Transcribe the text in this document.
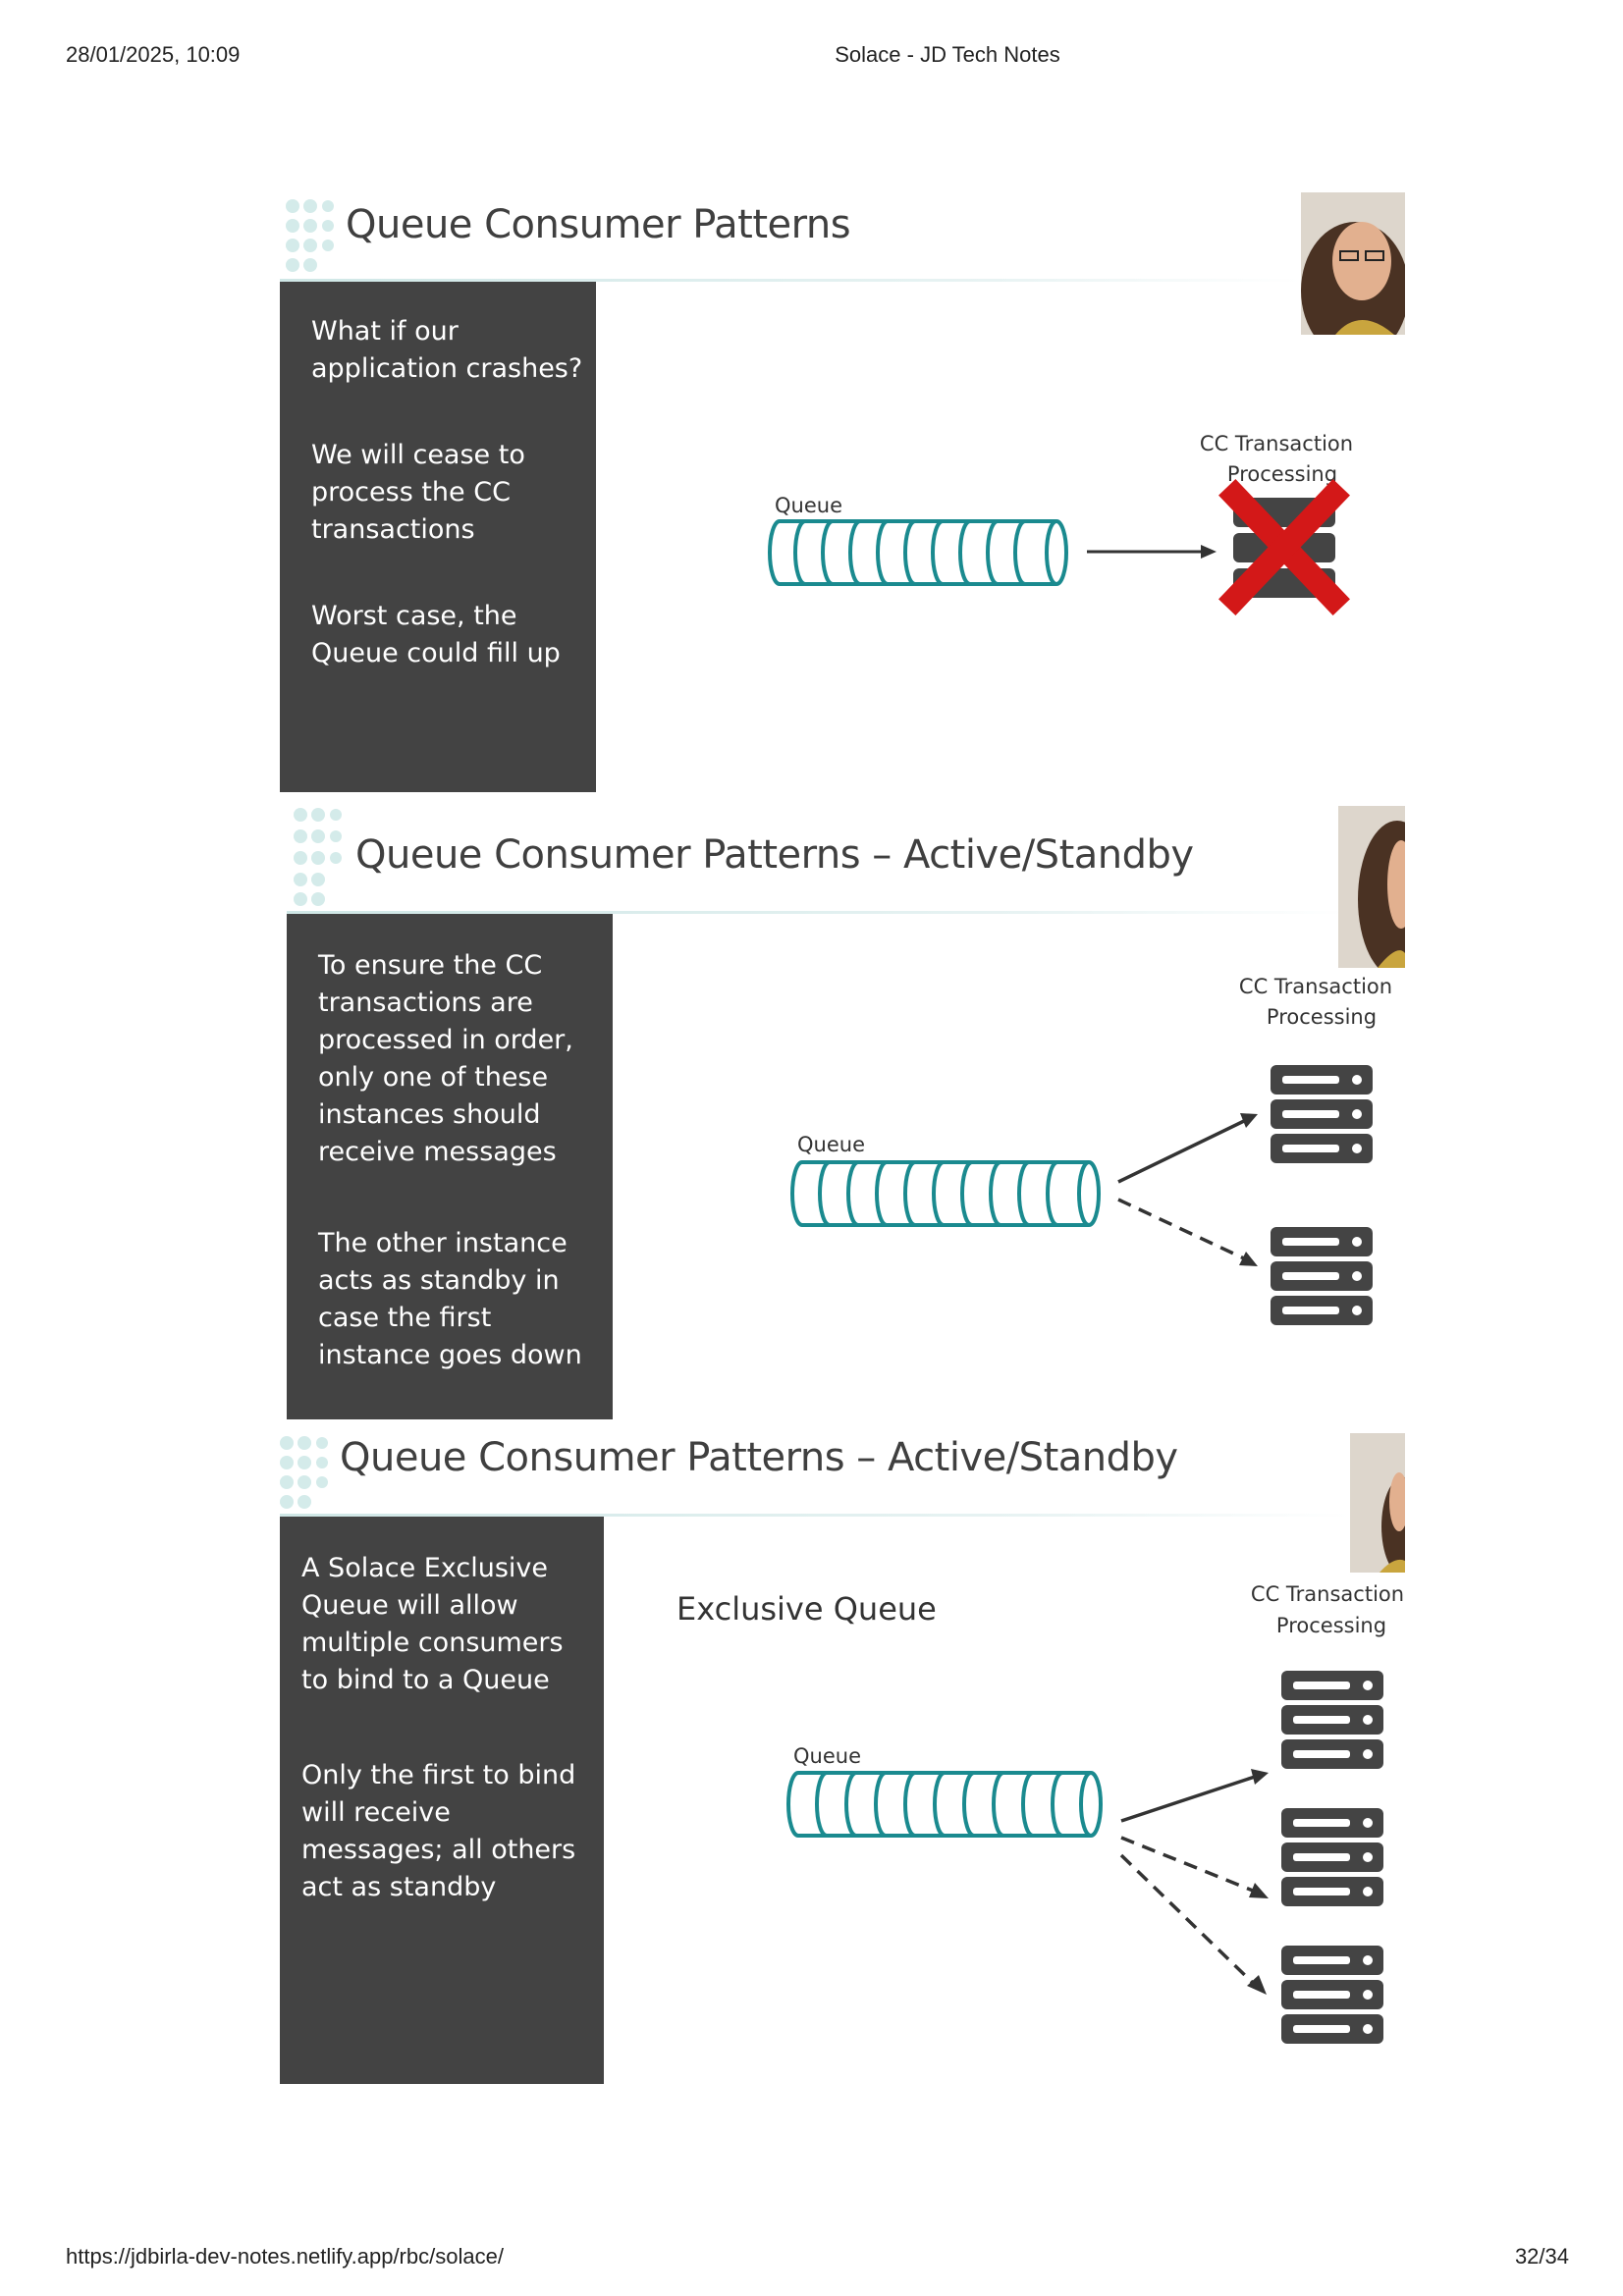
28/01/2025, 10:09	Solace - JD Tech Notes
https://jdbirla-dev-notes.netlify.app/rbc/solace/	32/34
Queue Consumer Patterns

What if our application crashes?

We will cease to process the CC transactions

Worst case, the Queue could fill up

Queue
CC Transaction
Processing
Queue Consumer Patterns – Active/Standby

To ensure the CC transactions are processed in order, only one of these instances should receive messages

The other instance acts as standby in case the first instance goes down

Queue
CC Transaction
Processing
Queue Consumer Patterns – Active/Standby

A Solace Exclusive Queue will allow multiple consumers to bind to a Queue

Only the first to bind will receive messages; all others act as standby

Exclusive Queue
Queue
CC Transaction
Processing
